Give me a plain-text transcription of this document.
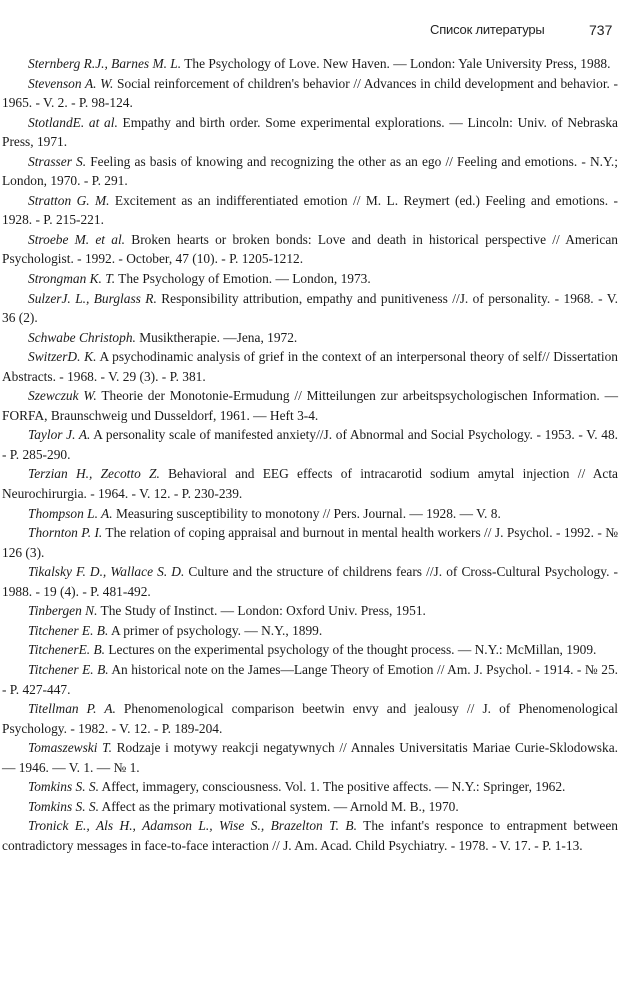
Список литературы	737

Sternberg R.J., Barnes M. L. The Psychology of Love. New Haven. — London: Yale University Press, 1988.

Stevenson A. W. Social reinforcement of children's behavior // Advances in child development and behavior. - 1965. - V. 2. - P. 98-124.

StotlandE. at al. Empathy and birth order. Some experimental explorations. — Lincoln: Univ. of Nebraska Press, 1971.

Strasser S. Feeling as basis of knowing and recognizing the other as an ego // Feeling and emotions. - N.Y.; London, 1970. - P. 291.

Stratton G. M. Excitement as an indifferentiated emotion // M. L. Reymert (ed.) Feeling and emotions. - 1928. - P. 215-221.

Stroebe M. et al. Broken hearts or broken bonds: Love and death in historical perspective // American Psychologist. - 1992. - October, 47 (10). - P. 1205-1212.

Strongman K. T. The Psychology of Emotion. — London, 1973.

SulzerJ. L., Burglass R. Responsibility attribution, empathy and punitiveness //J. of personality. - 1968. - V. 36 (2).

Schwabe Christoph. Musiktherapie. —Jena, 1972.

SwitzerD. K. A psychodinamic analysis of grief in the context of an interpersonal theory of self// Dissertation Abstracts. - 1968. - V. 29 (3). - P. 381.

Szewczuk W. Theorie der Monotonie-Ermudung // Mitteilungen zur arbeitspsychologischen Information. — FORFA, Braunschweig und Dusseldorf, 1961. — Heft 3-4.

Taylor J. A. A personality scale of manifested anxiety//J. of Abnormal and Social Psychology. - 1953. - V. 48. - P. 285-290.

Terzian H., Zecotto Z. Behavioral and EEG effects of intracarotid sodium amytal injection // Acta Neurochirurgia. - 1964. - V. 12. - P. 230-239.

Thompson L. A. Measuring susceptibility to monotony // Pers. Journal. — 1928. — V. 8.

Thornton P. I. The relation of coping appraisal and burnout in mental health workers // J. Psychol. - 1992. - № 126 (3).

Tikalsky F. D., Wallace S. D. Culture and the structure of childrens fears //J. of Cross-Cultural Psychology. - 1988. - 19 (4). - P. 481-492.

Tinbergen N. The Study of Instinct. — London: Oxford Univ. Press, 1951.

Titchener E. B. A primer of psychology. — N.Y., 1899.

TitchenerE. B. Lectures on the experimental psychology of the thought process. — N.Y.: McMillan, 1909.

Titchener E. B. An historical note on the James—Lange Theory of Emotion // Am. J. Psychol. - 1914. - № 25. - P. 427-447.

Titellman P. A. Phenomenological comparison beetwin envy and jealousy // J. of Phenomenological Psychology. - 1982. - V. 12. - P. 189-204.

Tomaszewski T. Rodzaje i motywy reakcji negatywnych // Annales Universitatis Mariae Curie-Sklodowska. — 1946. — V. 1. — № 1.

Tomkins S. S. Affect, immagery, consciousness. Vol. 1. The positive affects. — N.Y.: Springer, 1962.

Tomkins S. S. Affect as the primary motivational system. — Arnold M. B., 1970.

Tronick E., Als H., Adamson L., Wise S., Brazelton T. B. The infant's responce to entrapment between contradictory messages in face-to-face interaction // J. Am. Acad. Child Psychiatry. - 1978. - V. 17. - P. 1-13.
